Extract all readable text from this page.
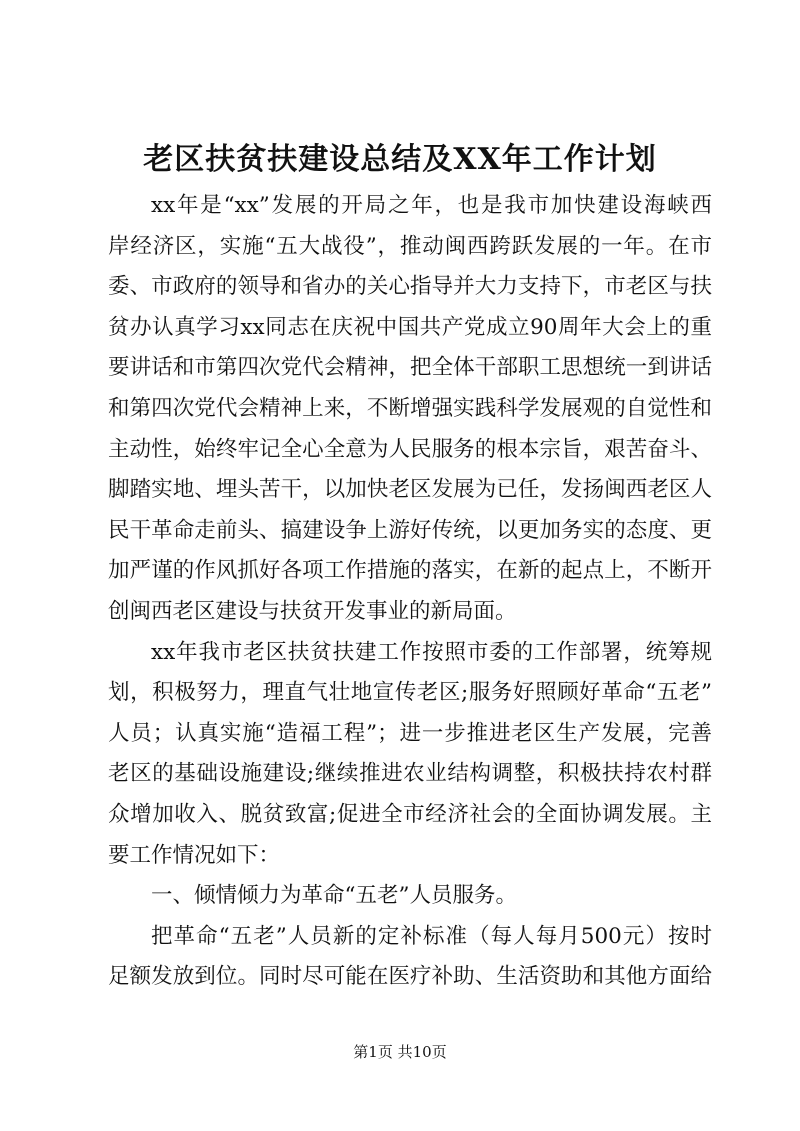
老区扶贫扶建设总结及XX年工作计划
xx年是“xx”发展的开局之年，也是我市加快建设海峡西
岸经济区，实施“五大战役”，推动闽西跨跃发展的一年。在市
委、市政府的领导和省办的关心指导并大力支持下，市老区与扶
贫办认真学习xx同志在庆祝中国共产党成立90周年大会上的重
要讲话和市第四次党代会精神，把全体干部职工思想统一到讲话
和第四次党代会精神上来，不断增强实践科学发展观的自觉性和
主动性，始终牢记全心全意为人民服务的根本宗旨，艰苦奋斗、
脚踏实地、埋头苦干，以加快老区发展为已任，发扬闽西老区人
民干革命走前头、搞建设争上游好传统，以更加务实的态度、更
加严谨的作风抓好各项工作措施的落实，在新的起点上，不断开
创闽西老区建设与扶贫开发事业的新局面。
xx年我市老区扶贫扶建工作按照市委的工作部署，统筹规
划，积极努力，理直气壮地宣传老区;服务好照顾好革命“五老”
人员；认真实施“造福工程”；进一步推进老区生产发展，完善
老区的基础设施建设;继续推进农业结构调整，积极扶持农村群
众增加收入、脱贫致富;促进全市经济社会的全面协调发展。主
要工作情况如下：
一、倾情倾力为革命“五老”人员服务。
把革命“五老”人员新的定补标准（每人每月500元）按时
足额发放到位。同时尽可能在医疗补助、生活资助和其他方面给
第1页 共10页
